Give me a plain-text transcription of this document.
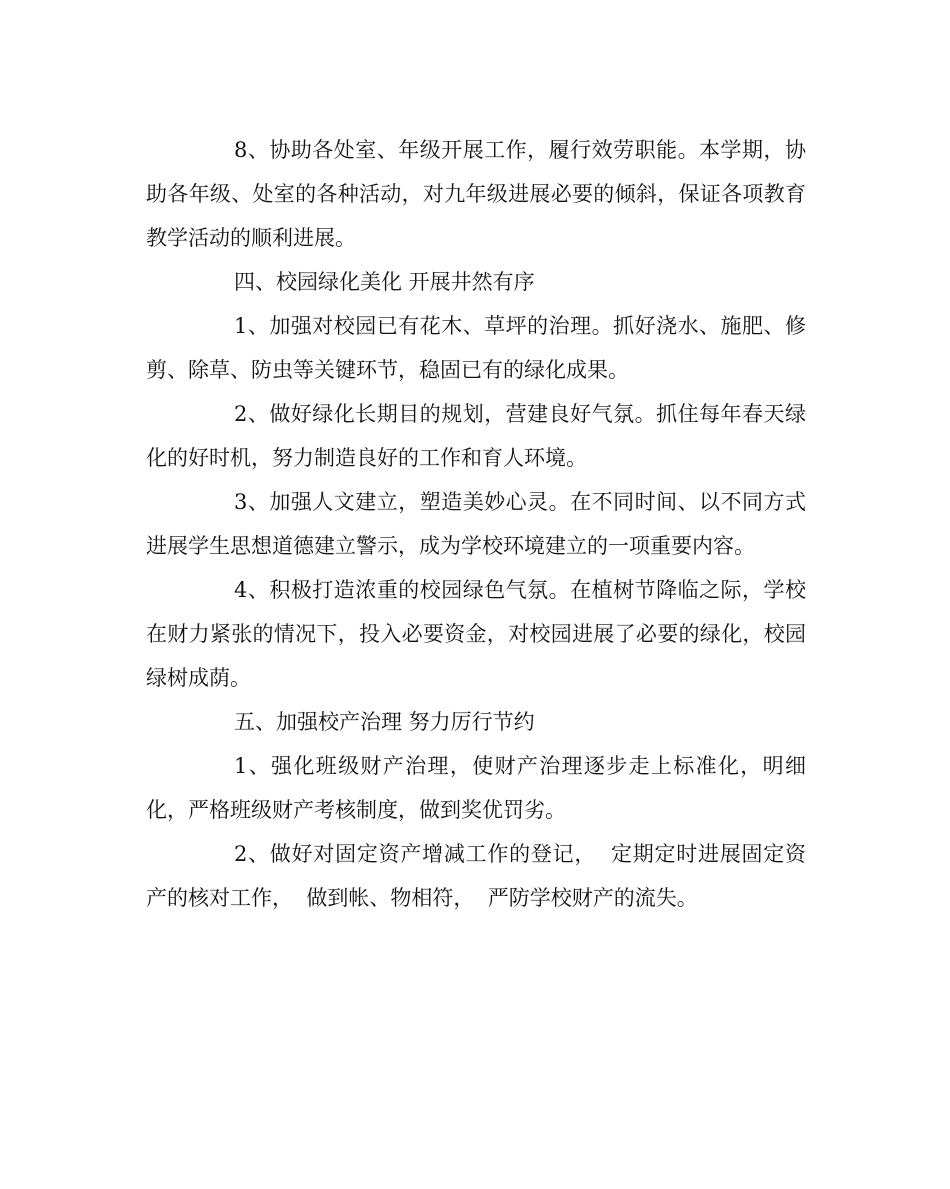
8、协助各处室、年级开展工作，履行效劳职能。本学期，协助各年级、处室的各种活动，对九年级进展必要的倾斜，保证各项教育教学活动的顺利进展。

四、校园绿化美化 开展井然有序

1、加强对校园已有花木、草坪的治理。抓好浇水、施肥、修剪、除草、防虫等关键环节，稳固已有的绿化成果。

2、做好绿化长期目的规划，营建良好气氛。抓住每年春天绿化的好时机，努力制造良好的工作和育人环境。

3、加强人文建立，塑造美妙心灵。在不同时间、以不同方式进展学生思想道德建立警示，成为学校环境建立的一项重要内容。

4、积极打造浓重的校园绿色气氛。在植树节降临之际，学校在财力紧张的情况下，投入必要资金，对校园进展了必要的绿化，校园绿树成荫。

五、加强校产治理 努力厉行节约

1、强化班级财产治理，使财产治理逐步走上标准化，明细化，严格班级财产考核制度，做到奖优罚劣。

2、做好对固定资产增减工作的登记，  定期定时进展固定资产的核对工作，  做到帐、物相符，  严防学校财产的流失。
